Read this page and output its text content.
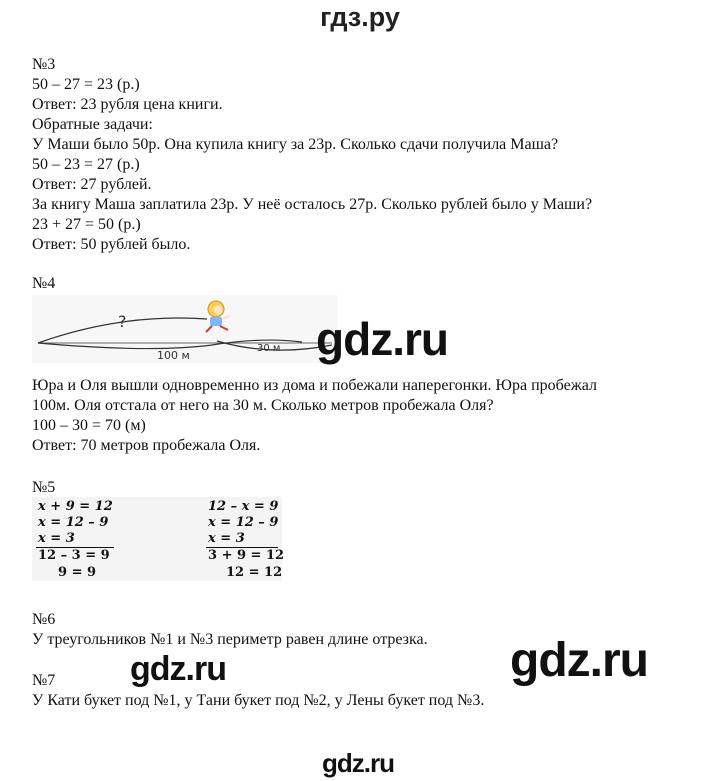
гдз.ру
№3
50 – 27 = 23 (р.)
Ответ: 23 рубля цена книги.
Обратные задачи:
У Маши было 50р. Она купила книгу за 23р. Сколько сдачи получила Маша?
50 – 23 = 27 (р.)
Ответ: 27 рублей.
За книгу Маша заплатила 23р. У неё осталось 27р. Сколько рублей было у Маши?
23 + 27 = 50 (р.)
Ответ: 50 рублей было.
№4
?
100 м
30 м gdz.ru
Юра и Оля вышли одновременно из дома и побежали наперегонки. Юра пробежал
100м. Оля отстала от него на 30 м. Сколько метров пробежала Оля?
100 – 30 = 70 (м)
Ответ: 70 метров пробежала Оля.
№5
x + 9 = 12
x = 12 – 9
x = 3
12 – 3 = 9
9 = 9
12 – x = 9
x = 12 – 9
x = 3
3 + 9 = 12
12 = 12
№6
У треугольников №1 и №3 периметр равен длине отрезка.
gdz.ru	gdz.ru
№7
У Кати букет под №1, у Тани букет под №2, у Лены букет под №3.
gdz.ru
